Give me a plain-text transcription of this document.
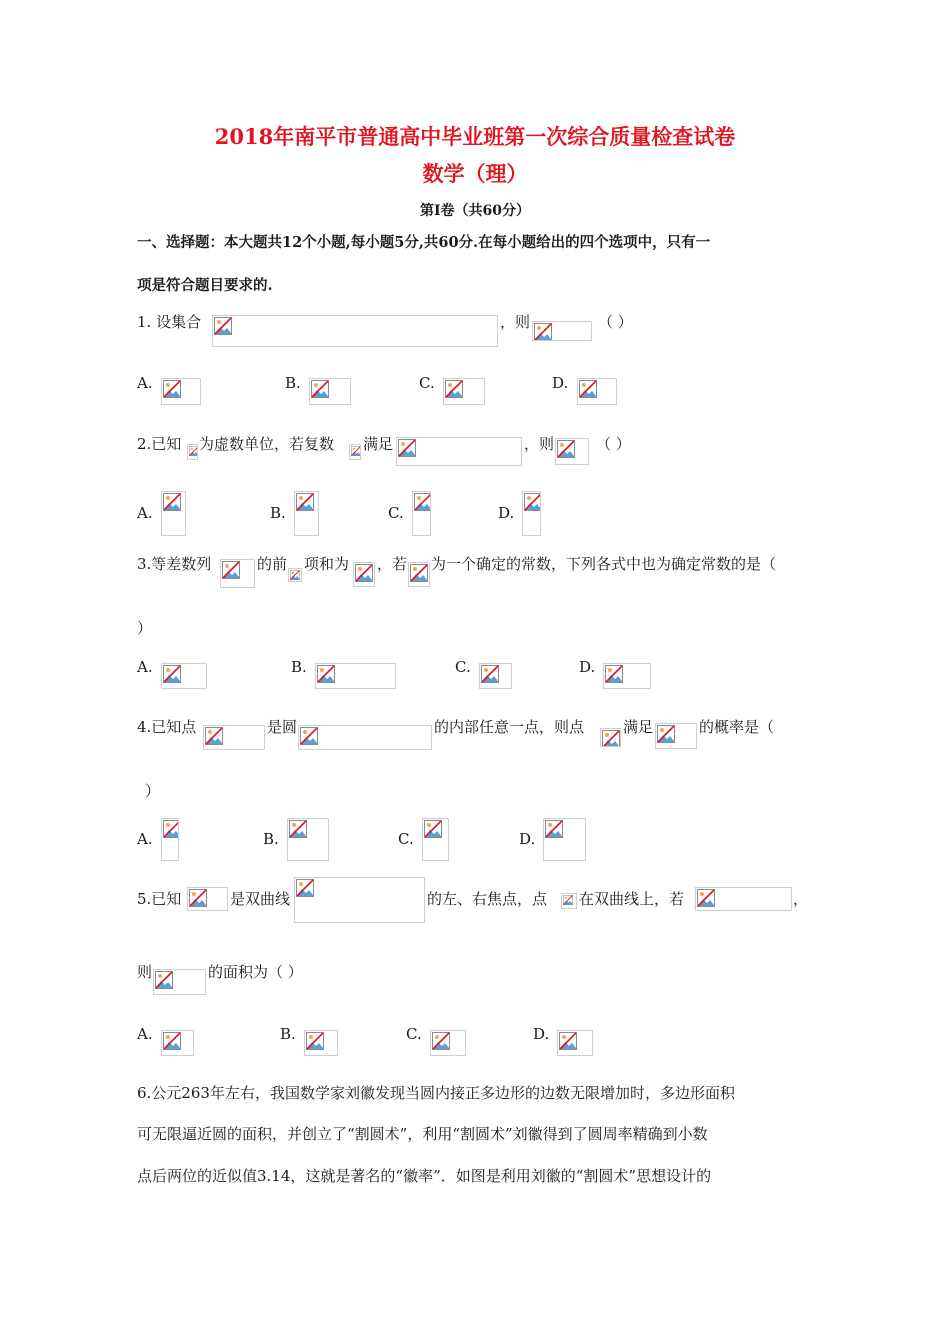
2018年南平市普通高中毕业班第一次综合质量检查试卷
数学（理）
第Ⅰ卷（共60分）
一、选择题：本大题共12个小题,每小题5分,共60分.在每小题给出的四个选项中，只有一
项是符合题目要求的.
1. 设集合	，则	（ ）
A.	B.	C.	D.
2.已知 为虚数单位，若复数 满足	，则	（ ）
A.	B.	C.	D.
3.等差数列	的前 项和为 ，若 为一个确定的常数，下列各式中也为确定常数的是（
）
A.	B.	C.	D.
4.已知点	是圆	的内部任意一点，则点	满足	的概率是（
）
A.	B.	C.	D.
5.已知	是双曲线	的左、右焦点，点 在双曲线上，若	，
则	的面积为（ ）
A.	B.	C.	D.
6.公元263年左右，我国数学家刘徽发现当圆内接正多边形的边数无限增加时，多边形面积
可无限逼近圆的面积，并创立了“割圆术”，利用“割圆术”刘徽得到了圆周率精确到小数
点后两位的近似值3.14，这就是著名的“徽率”．如图是利用刘徽的“割圆术”思想设计的
